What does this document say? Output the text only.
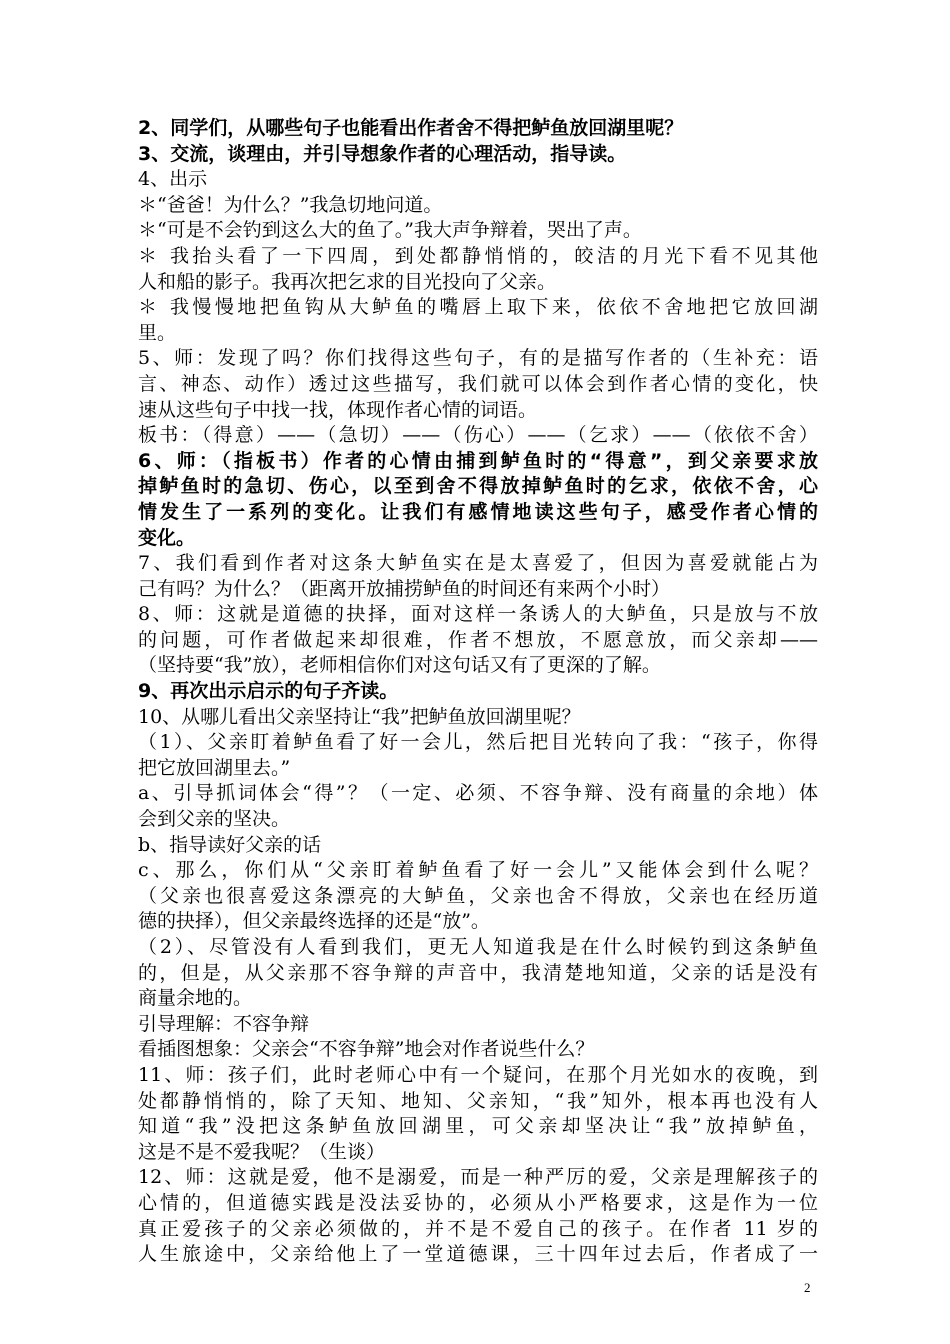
2、同学们，从哪些句子也能看出作者舍不得把鲈鱼放回湖里呢？
3、交流，谈理由，并引导想象作者的心理活动，指导读。
4、出示
＊“爸爸！为什么？”我急切地问道。
＊“可是不会钓到这么大的鱼了。”我大声争辩着，哭出了声。
＊ 我抬头看了一下四周，到处都静悄悄的，皎洁的月光下看不见其他
人和船的影子。我再次把乞求的目光投向了父亲。
＊ 我慢慢地把鱼钩从大鲈鱼的嘴唇上取下来，依依不舍地把它放回湖
里。
5、师：发现了吗？你们找得这些句子，有的是描写作者的（生补充：语
言、神态、动作）透过这些描写，我们就可以体会到作者心情的变化，快
速从这些句子中找一找，体现作者心情的词语。
板书：（得意）——（急切）——（伤心）——（乞求）——（依依不舍）
6、师：（指板书）作者的心情由捕到鲈鱼时的“得意”，到父亲要求放
掉鲈鱼时的急切、伤心，以至到舍不得放掉鲈鱼时的乞求，依依不舍，心
情发生了一系列的变化。让我们有感情地读这些句子，感受作者心情的
变化。
7、我们看到作者对这条大鲈鱼实在是太喜爱了，但因为喜爱就能占为
己有吗？为什么？（距离开放捕捞鲈鱼的时间还有来两个小时）
8、师：这就是道德的抉择，面对这样一条诱人的大鲈鱼，只是放与不放
的问题，可作者做起来却很难，作者不想放，不愿意放，而父亲却——
（坚持要“我”放），老师相信你们对这句话又有了更深的了解。
9、再次出示启示的句子齐读。
10、从哪儿看出父亲坚持让“我”把鲈鱼放回湖里呢？
（1）、父亲盯着鲈鱼看了好一会儿，然后把目光转向了我：“孩子，你得
把它放回湖里去。”
a、引导抓词体会“得”？（一定、必须、不容争辩、没有商量的余地）体
会到父亲的坚决。
b、指导读好父亲的话
c、那么，你们从“父亲盯着鲈鱼看了好一会儿”又能体会到什么呢？
（父亲也很喜爱这条漂亮的大鲈鱼，父亲也舍不得放，父亲也在经历道
德的抉择），但父亲最终选择的还是“放”。
（2）、尽管没有人看到我们，更无人知道我是在什么时候钓到这条鲈鱼
的，但是，从父亲那不容争辩的声音中，我清楚地知道，父亲的话是没有
商量余地的。
引导理解：不容争辩
看插图想象：父亲会“不容争辩”地会对作者说些什么？
11、师：孩子们，此时老师心中有一个疑问，在那个月光如水的夜晚，到
处都静悄悄的，除了天知、地知、父亲知，“我”知外，根本再也没有人
知道“我”没把这条鲈鱼放回湖里，可父亲却坚决让“我”放掉鲈鱼，
这是不是不爱我呢？（生谈）
12、师：这就是爱，他不是溺爱，而是一种严厉的爱，父亲是理解孩子的
心情的，但道德实践是没法妥协的，必须从小严格要求，这是作为一位
真正爱孩子的父亲必须做的，并不是不爱自己的孩子。在作者 11 岁的
人生旅途中，父亲给他上了一堂道德课，三十四年过去后，作者成了一
2
